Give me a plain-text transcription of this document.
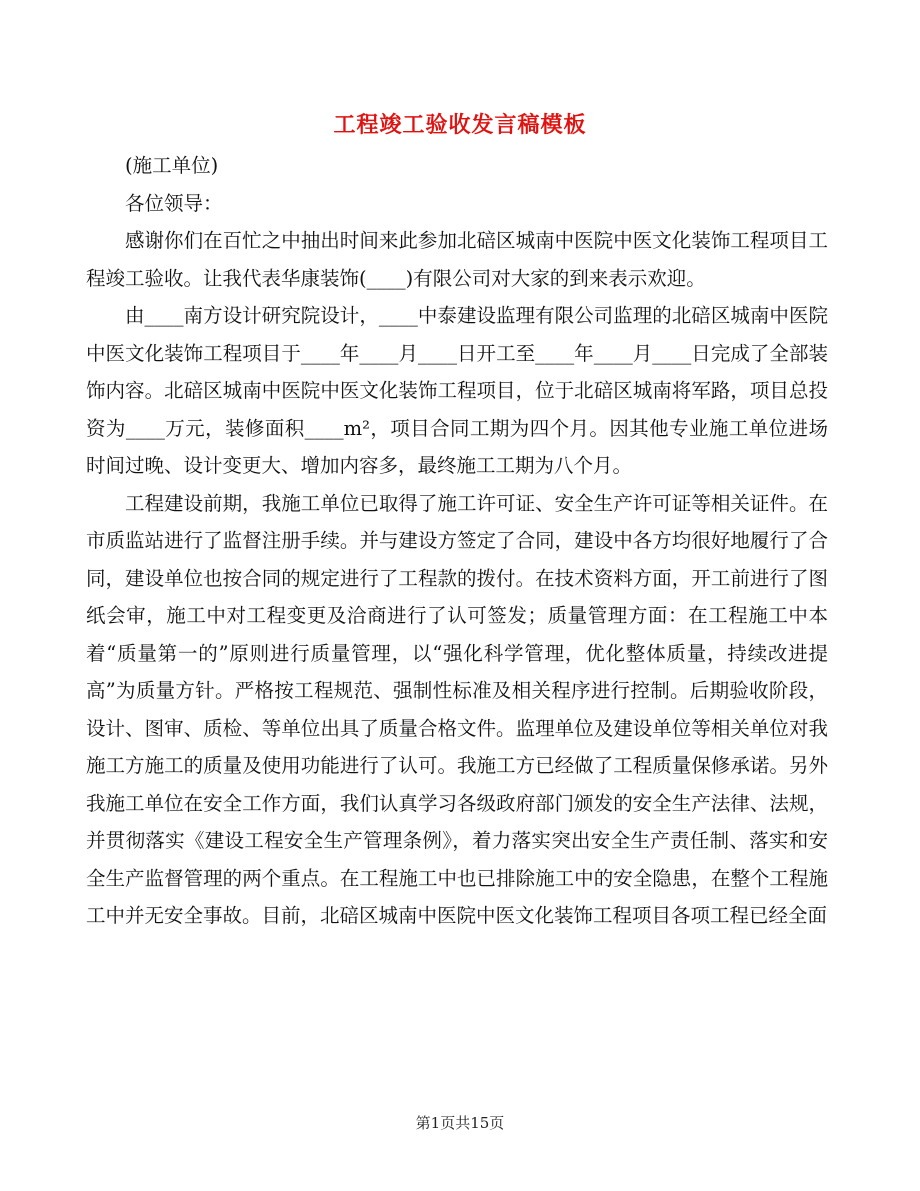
工程竣工验收发言稿模板

(施工单位)

各位领导：

感谢你们在百忙之中抽出时间来此参加北碚区城南中医院中医文化装饰工程项目工程竣工验收。让我代表华康装饰(____)有限公司对大家的到来表示欢迎。

由____南方设计研究院设计，____中泰建设监理有限公司监理的北碚区城南中医院中医文化装饰工程项目于____年____月____日开工至____年____月____日完成了全部装饰内容。北碚区城南中医院中医文化装饰工程项目，位于北碚区城南将军路，项目总投资为____万元，装修面积____m²，项目合同工期为四个月。因其他专业施工单位进场时间过晚、设计变更大、增加内容多，最终施工工期为八个月。

工程建设前期，我施工单位已取得了施工许可证、安全生产许可证等相关证件。在市质监站进行了监督注册手续。并与建设方签定了合同，建设中各方均很好地履行了合同，建设单位也按合同的规定进行了工程款的拨付。在技术资料方面，开工前进行了图纸会审，施工中对工程变更及洽商进行了认可签发；质量管理方面：在工程施工中本着“质量第一的”原则进行质量管理，以“强化科学管理，优化整体质量，持续改进提高”为质量方针。严格按工程规范、强制性标准及相关程序进行控制。后期验收阶段，设计、图审、质检、等单位出具了质量合格文件。监理单位及建设单位等相关单位对我施工方施工的质量及使用功能进行了认可。我施工方已经做了工程质量保修承诺。另外我施工单位在安全工作方面，我们认真学习各级政府部门颁发的安全生产法律、法规，并贯彻落实《建设工程安全生产管理条例》，着力落实突出安全生产责任制、落实和安全生产监督管理的两个重点。在工程施工中也已排除施工中的安全隐患，在整个工程施工中并无安全事故。目前，北碚区城南中医院中医文化装饰工程项目各项工程已经全面

第1页共15页
